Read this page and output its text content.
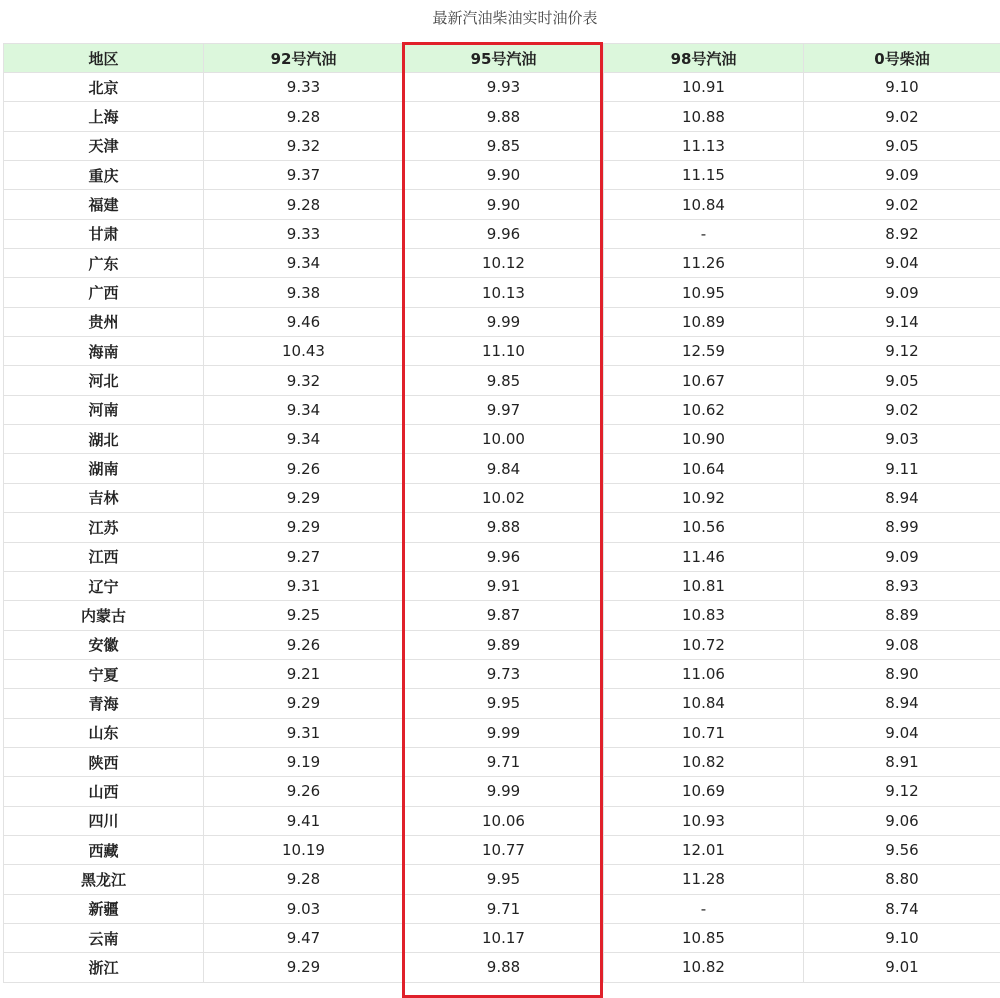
最新汽油柴油实时油价表
地区	92号汽油	95号汽油	98号汽油	0号柴油
北京	9.33	9.93	10.91	9.10
上海	9.28	9.88	10.88	9.02
天津	9.32	9.85	11.13	9.05
重庆	9.37	9.90	11.15	9.09
福建	9.28	9.90	10.84	9.02
甘肃	9.33	9.96	-	8.92
广东	9.34	10.12	11.26	9.04
广西	9.38	10.13	10.95	9.09
贵州	9.46	9.99	10.89	9.14
海南	10.43	11.10	12.59	9.12
河北	9.32	9.85	10.67	9.05
河南	9.34	9.97	10.62	9.02
湖北	9.34	10.00	10.90	9.03
湖南	9.26	9.84	10.64	9.11
吉林	9.29	10.02	10.92	8.94
江苏	9.29	9.88	10.56	8.99
江西	9.27	9.96	11.46	9.09
辽宁	9.31	9.91	10.81	8.93
内蒙古	9.25	9.87	10.83	8.89
安徽	9.26	9.89	10.72	9.08
宁夏	9.21	9.73	11.06	8.90
青海	9.29	9.95	10.84	8.94
山东	9.31	9.99	10.71	9.04
陕西	9.19	9.71	10.82	8.91
山西	9.26	9.99	10.69	9.12
四川	9.41	10.06	10.93	9.06
西藏	10.19	10.77	12.01	9.56
黑龙江	9.28	9.95	11.28	8.80
新疆	9.03	9.71	-	8.74
云南	9.47	10.17	10.85	9.10
浙江	9.29	9.88	10.82	9.01
